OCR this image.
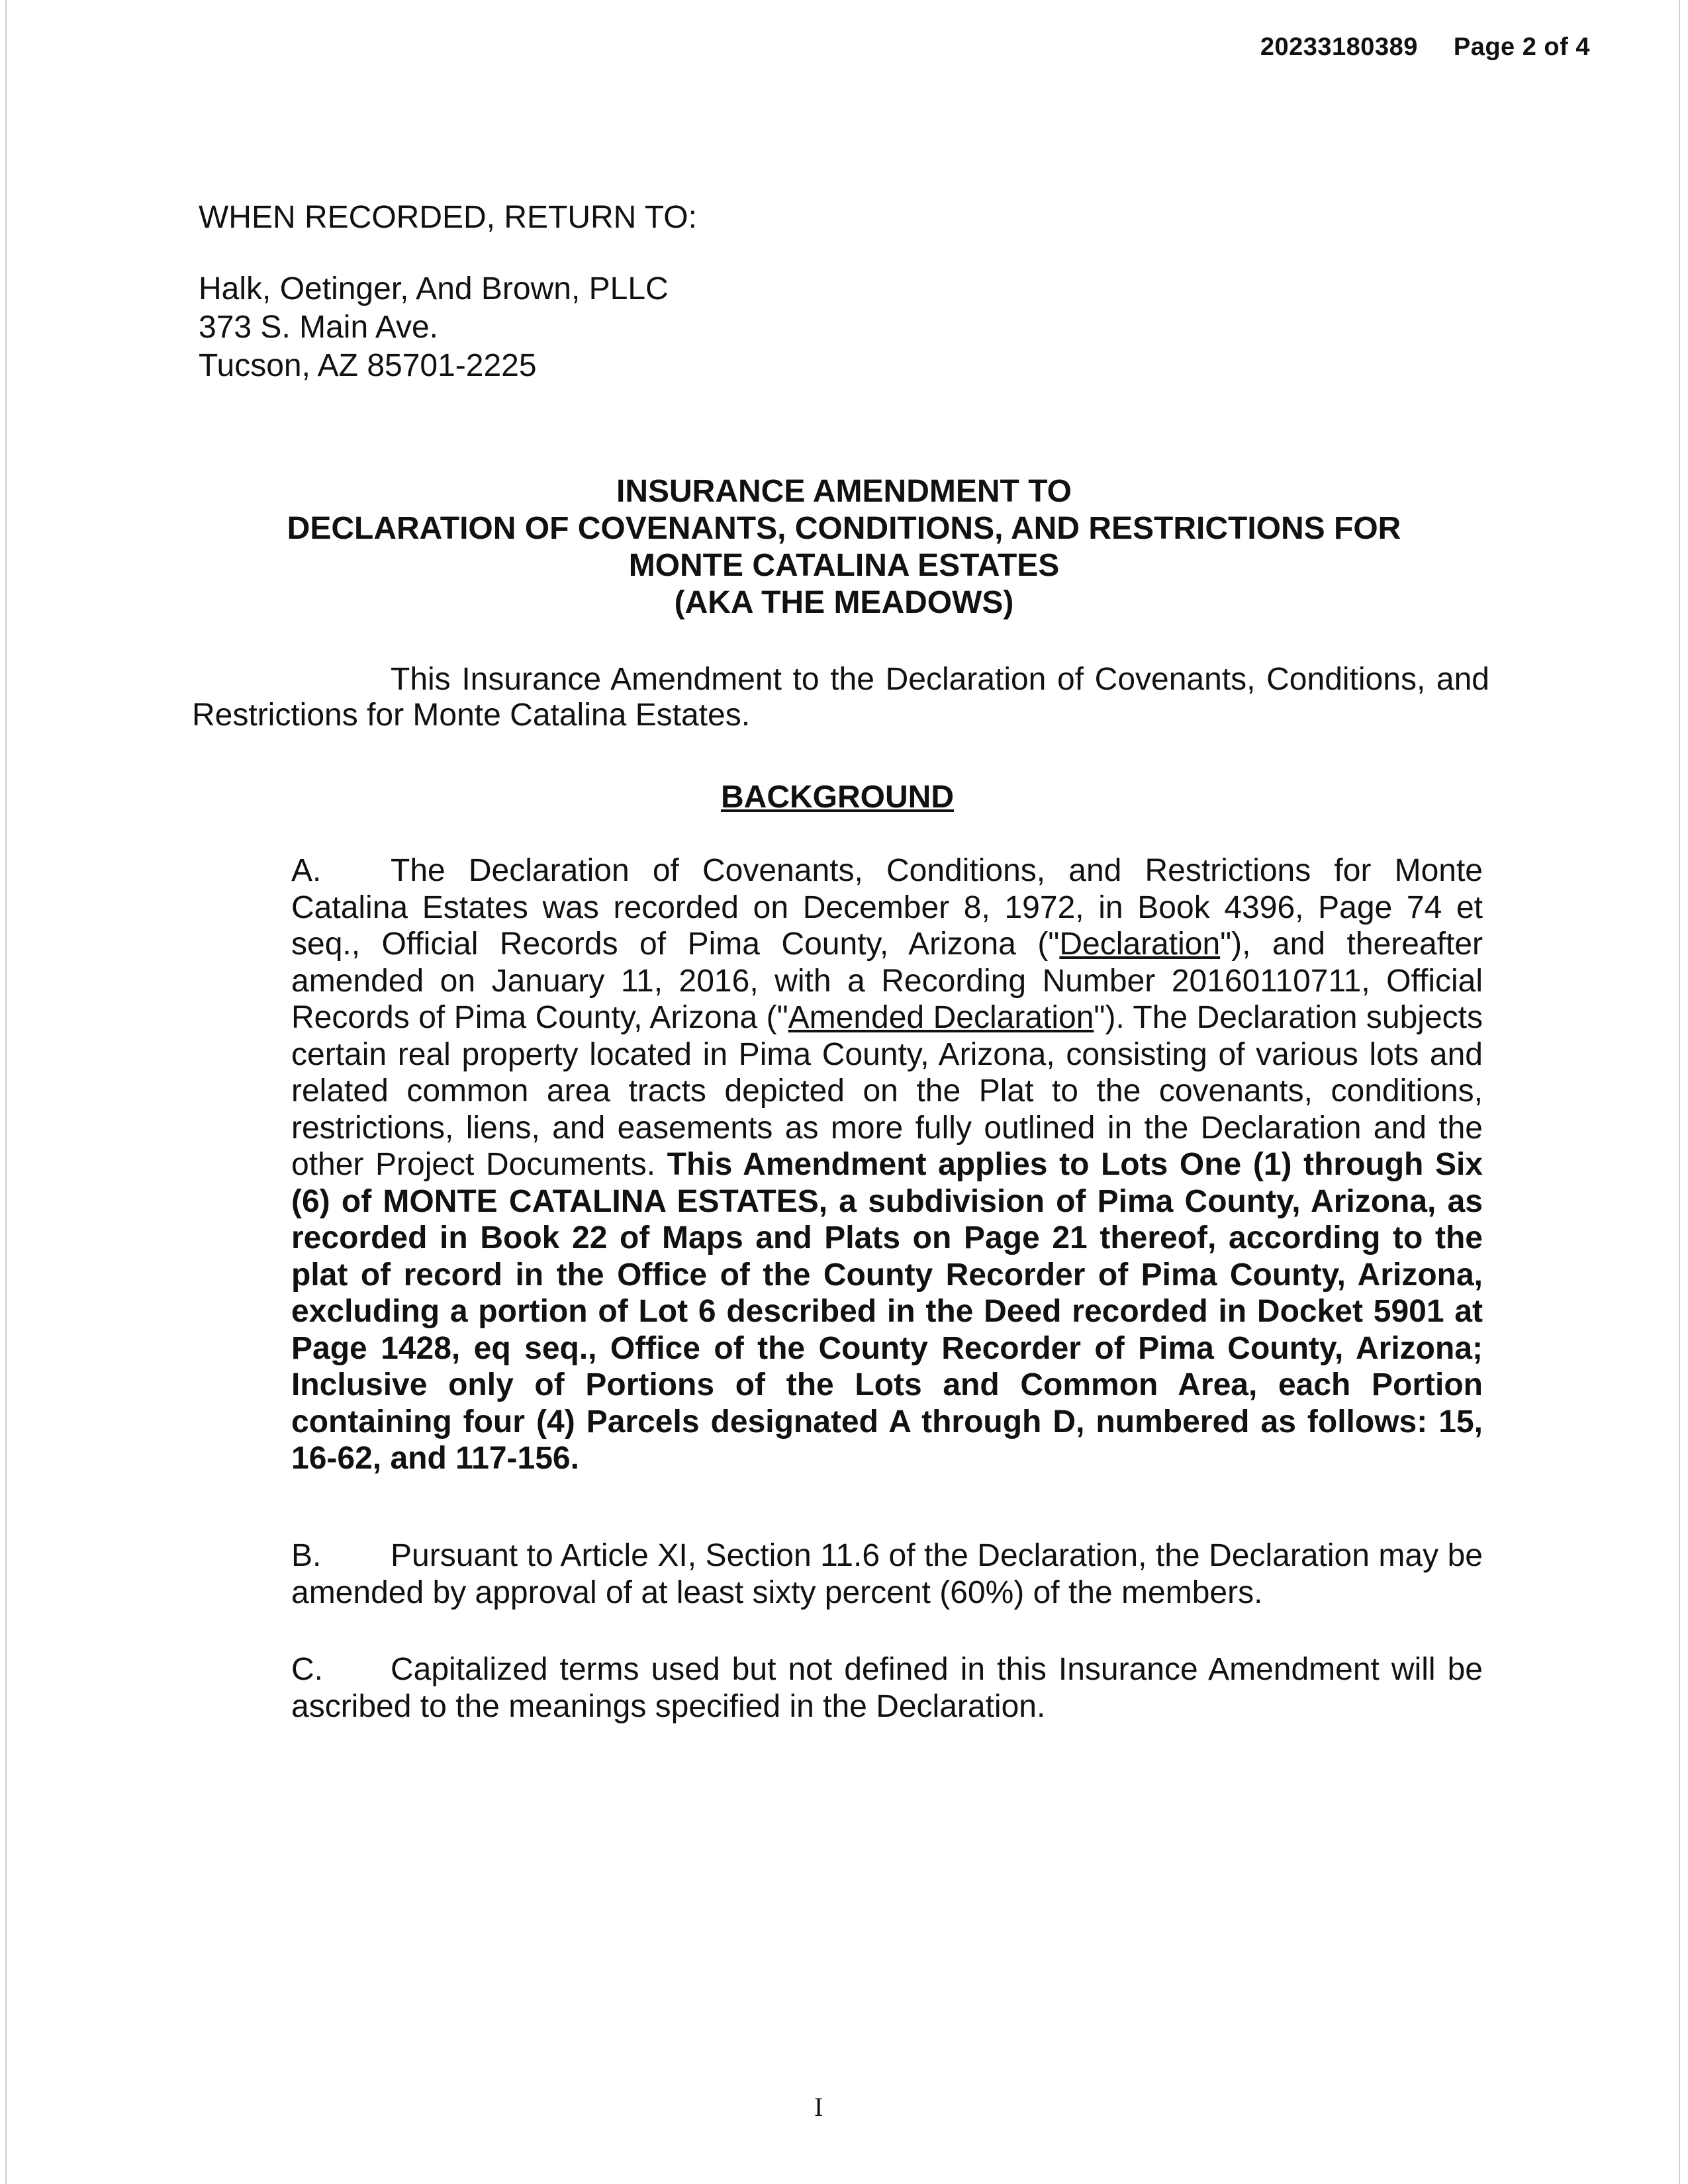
20233180389 Page 2 of 4
WHEN RECORDED, RETURN TO:
Halk, Oetinger, And Brown, PLLC
373 S. Main Ave.
Tucson, AZ 85701-2225
INSURANCE AMENDMENT TO
DECLARATION OF COVENANTS, CONDITIONS, AND RESTRICTIONS FOR
MONTE CATALINA ESTATES
(AKA THE MEADOWS)
This Insurance Amendment to the Declaration of Covenants, Conditions, and Restrictions for Monte Catalina Estates.
BACKGROUND
A. The Declaration of Covenants, Conditions, and Restrictions for Monte Catalina Estates was recorded on December 8, 1972, in Book 4396, Page 74 et seq., Official Records of Pima County, Arizona ("Declaration"), and thereafter amended on January 11, 2016, with a Recording Number 20160110711, Official Records of Pima County, Arizona ("Amended Declaration"). The Declaration subjects certain real property located in Pima County, Arizona, consisting of various lots and related common area tracts depicted on the Plat to the covenants, conditions, restrictions, liens, and easements as more fully outlined in the Declaration and the other Project Documents. This Amendment applies to Lots One (1) through Six (6) of MONTE CATALINA ESTATES, a subdivision of Pima County, Arizona, as recorded in Book 22 of Maps and Plats on Page 21 thereof, according to the plat of record in the Office of the County Recorder of Pima County, Arizona, excluding a portion of Lot 6 described in the Deed recorded in Docket 5901 at Page 1428, eq seq., Office of the County Recorder of Pima County, Arizona; Inclusive only of Portions of the Lots and Common Area, each Portion containing four (4) Parcels designated A through D, numbered as follows: 15, 16-62, and 117-156.
B. Pursuant to Article XI, Section 11.6 of the Declaration, the Declaration may be amended by approval of at least sixty percent (60%) of the members.
C. Capitalized terms used but not defined in this Insurance Amendment will be ascribed to the meanings specified in the Declaration.
I
